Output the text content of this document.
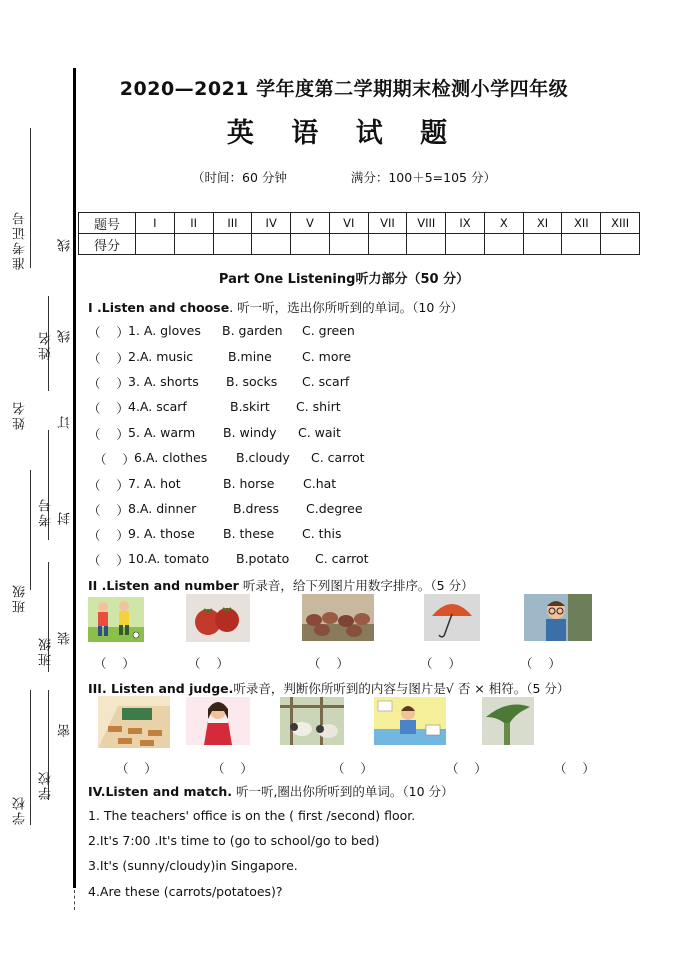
准考证号 线
姓名 线
姓名 订
考号 封
班级
班级 装
密
学校
学校
2020—2021 学年度第二学期期末检测小学四年级
英 语 试 题
（时间：60 分钟	满分：100＋5=105 分）
题号	I	II	III	IV	V	VI	VII	VIII	IX	X	XI	XII	XIII
得分													
Part One Listening听力部分（50 分）
I .Listen and choose. 听一听，选出你所听到的单词。（10 分）
（    ） 1. A. gloves B. garden C. green
（    ） 2.A. music	B.mine C. more
（    ） 3. A. shorts B. socks C. scarf
（    ） 4.A. scarf	B.skirt C. shirt
（    ） 5. A. warm B. windy C. wait
（    ） 6.A. clothes B.cloudy C. carrot
（    ） 7. A. hot	B. horse C.hat
（    ） 8.A. dinner	B.dress C.degree
（    ） 9. A. those B. these C. this
（    ） 10.A. tomato B.potato C. carrot
II .Listen and number 听录音，给下列图片用数字排序。（5 分）
（    ）	（    ）	（    ）	（    ）	（    ）
III. Listen and judge.听录音，判断你所听到的内容与图片是√ 否 × 相符。（5 分）
（    ）	（    ）	（    ）	（    ）	（    ）
IV.Listen and match. 听一听,圈出你所听到的单词。（10 分）
1. The teachers' office is on the ( first /second) floor.
2.It's 7:00 .It's time to (go to school/go to bed)
3.It's (sunny/cloudy)in Singapore.
4.Are these (carrots/potatoes)?
